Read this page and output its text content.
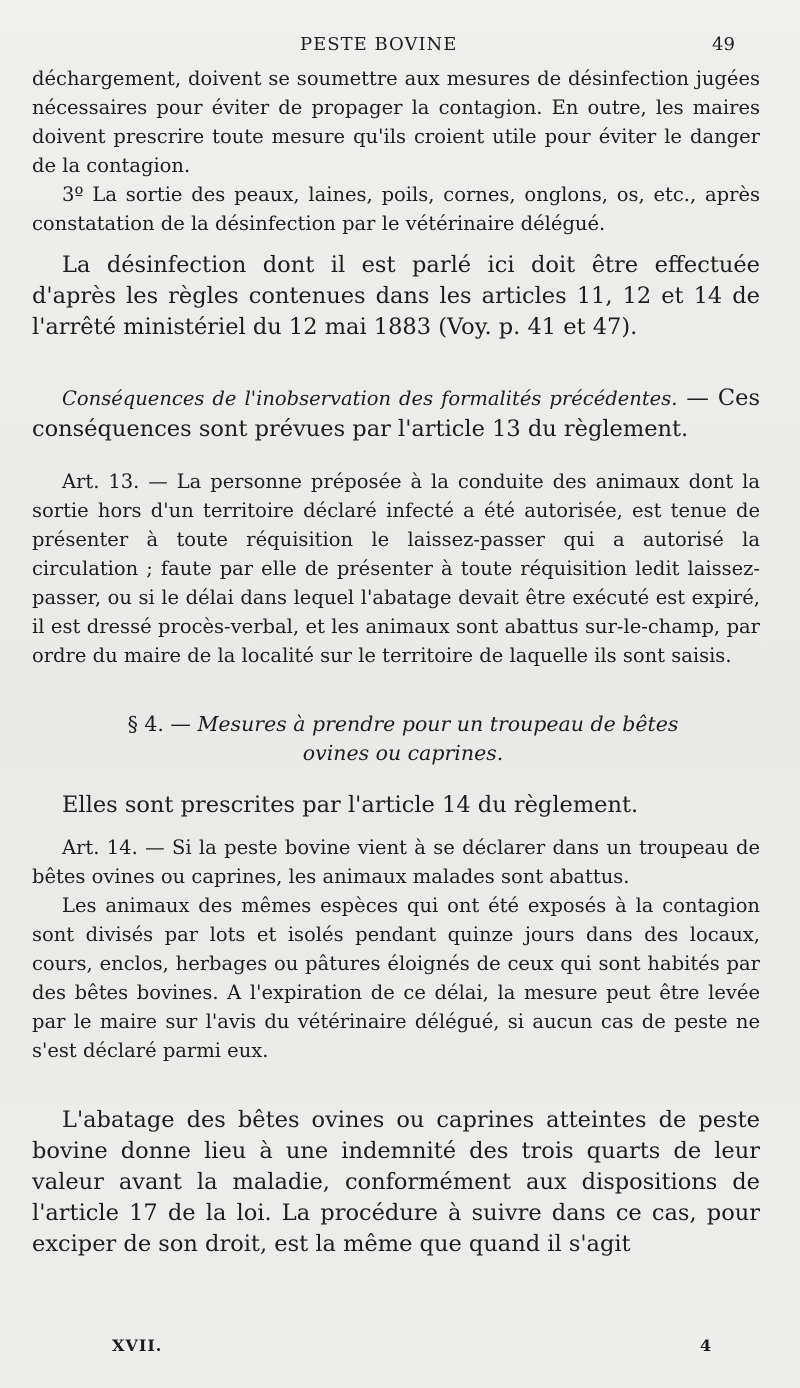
PESTE BOVINE	49

déchargement, doivent se soumettre aux mesures de désinfection jugées nécessaires pour éviter de propager la contagion. En outre, les maires doivent prescrire toute mesure qu'ils croient utile pour éviter le danger de la contagion.

3º La sortie des peaux, laines, poils, cornes, onglons, os, etc., après constatation de la désinfection par le vétérinaire délégué.

La désinfection dont il est parlé ici doit être effectuée d'après les règles contenues dans les articles 11, 12 et 14 de l'arrêté ministériel du 12 mai 1883 (Voy. p. 41 et 47).

Conséquences de l'inobservation des formalités précédentes. — Ces conséquences sont prévues par l'article 13 du règlement.

Art. 13. — La personne préposée à la conduite des animaux dont la sortie hors d'un territoire déclaré infecté a été autorisée, est tenue de présenter à toute réquisition le laissez-passer qui a autorisé la circulation ; faute par elle de présenter à toute réquisition ledit laissez-passer, ou si le délai dans lequel l'abatage devait être exécuté est expiré, il est dressé procès-verbal, et les animaux sont abattus sur-le-champ, par ordre du maire de la localité sur le territoire de laquelle ils sont saisis.

§ 4. — Mesures à prendre pour un troupeau de bêtes
ovines ou caprines.

Elles sont prescrites par l'article 14 du règlement.

Art. 14. — Si la peste bovine vient à se déclarer dans un troupeau de bêtes ovines ou caprines, les animaux malades sont abattus.

Les animaux des mêmes espèces qui ont été exposés à la contagion sont divisés par lots et isolés pendant quinze jours dans des locaux, cours, enclos, herbages ou pâtures éloignés de ceux qui sont habités par des bêtes bovines. A l'expiration de ce délai, la mesure peut être levée par le maire sur l'avis du vétérinaire délégué, si aucun cas de peste ne s'est déclaré parmi eux.

L'abatage des bêtes ovines ou caprines atteintes de peste bovine donne lieu à une indemnité des trois quarts de leur valeur avant la maladie, conformément aux dispositions de l'article 17 de la loi. La procédure à suivre dans ce cas, pour exciper de son droit, est la même que quand il s'agit

XVII.	4
